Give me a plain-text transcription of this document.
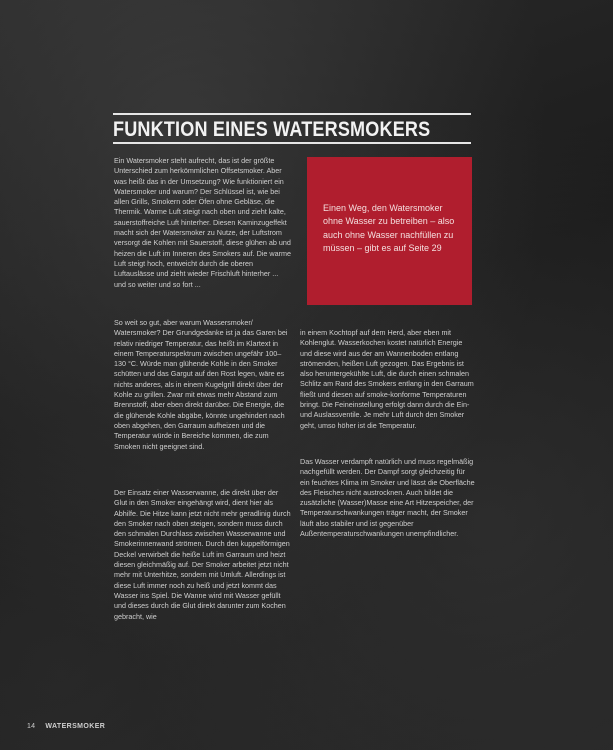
FUNKTION EINES WATERSMOKERS

Ein Watersmoker steht aufrecht, das ist der größte Unterschied zum herkömmlichen Offsetsmoker. Aber was heißt das in der Umsetzung? Wie funktioniert ein Watersmoker und warum? Der Schlüssel ist, wie bei allen Grills, Smokern oder Öfen ohne Gebläse, die Thermik. Warme Luft steigt nach oben und zieht kalte, sauerstoffreiche Luft hinterher. Diesen Kaminzugeffekt macht sich der Watersmoker zu Nutze, der Luftstrom versorgt die Kohlen mit Sauerstoff, diese glühen ab und heizen die Luft im Inneren des Smokers auf. Die warme Luft steigt hoch, entweicht durch die oberen Luftauslässe und zieht wieder Frischluft hinterher ... und so weiter und so fort ...

Einen Weg, den Watersmoker ohne Wasser zu betreiben – also auch ohne Wasser nachfüllen zu müssen – gibt es auf Seite 29

So weit so gut, aber warum Wassersmoker/ Watersmoker? Der Grundgedanke ist ja das Garen bei relativ niedriger Temperatur, das heißt im Klartext in einem Temperaturspektrum zwischen ungefähr 100–130 °C. Würde man glühende Kohle in den Smoker schütten und das Gargut auf den Rost legen, wäre es nichts anderes, als in einem Kugelgrill direkt über der Kohle zu grillen. Zwar mit etwas mehr Abstand zum Brennstoff, aber eben direkt darüber. Die Energie, die die glühende Kohle abgäbe, könnte ungehindert nach oben abgehen, den Garraum aufheizen und die Temperatur würde in Bereiche kommen, die zum Smoken nicht geeignet sind.

Der Einsatz einer Wasserwanne, die direkt über der Glut in den Smoker eingehängt wird, dient hier als Abhilfe. Die Hitze kann jetzt nicht mehr geradlinig durch den Smoker nach oben steigen, sondern muss durch den schmalen Durchlass zwischen Wasserwanne und Smokerinnenwand strömen. Durch den kuppelförmigen Deckel verwirbelt die heiße Luft im Garraum und heizt diesen gleichmäßig auf. Der Smoker arbeitet jetzt nicht mehr mit Unterhitze, sondern mit Umluft. Allerdings ist diese Luft immer noch zu heiß und jetzt kommt das Wasser ins Spiel. Die Wanne wird mit Wasser gefüllt und dieses durch die Glut direkt darunter zum Kochen gebracht, wie

in einem Kochtopf auf dem Herd, aber eben mit Kohlenglut. Wasserkochen kostet natürlich Energie und diese wird aus der am Wannenboden entlang strömenden, heißen Luft gezogen. Das Ergebnis ist also heruntergekühlte Luft, die durch einen schmalen Schlitz am Rand des Smokers entlang in den Garraum fließt und diesen auf smoke-konforme Temperaturen bringt. Die Feineinstellung erfolgt dann durch die Ein- und Auslassventile. Je mehr Luft durch den Smoker geht, umso höher ist die Temperatur.

Das Wasser verdampft natürlich und muss regelmäßig nachgefüllt werden. Der Dampf sorgt gleichzeitig für ein feuchtes Klima im Smoker und lässt die Oberfläche des Fleisches nicht austrocknen. Auch bildet die zusätzliche (Wasser)Masse eine Art Hitzespeicher, der Temperaturschwankungen träger macht, der Smoker läuft also stabiler und ist gegenüber Außentemperaturschwankungen unempfindlicher.

14 WATERSMOKER
